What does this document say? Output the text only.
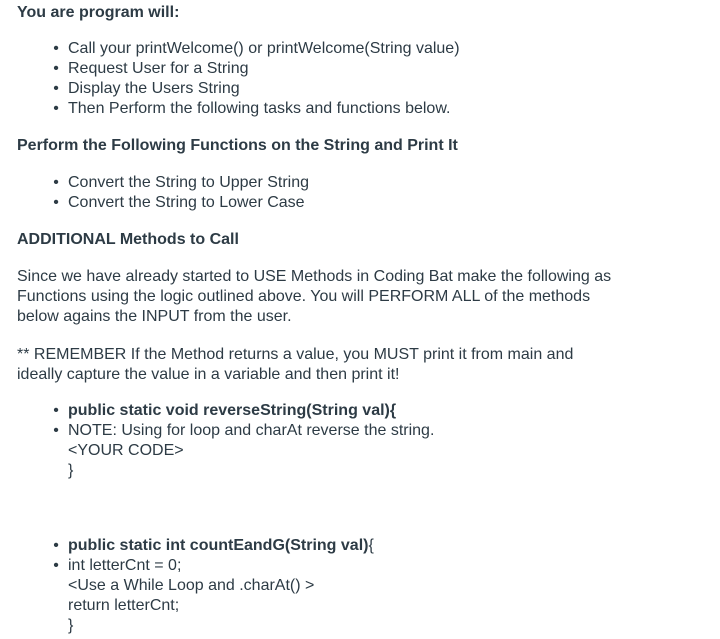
You are program will:
• Call your printWelcome() or printWelcome(String value)
• Request User for a String
• Display the Users String
• Then Perform the following tasks and functions below.
Perform the Following Functions on the String and Print It
• Convert the String to Upper String
• Convert the String to Lower Case
ADDITIONAL Methods to Call
Since we have already started to USE Methods in Coding Bat make the following as
Functions using the logic outlined above. You will PERFORM ALL of the methods
below agains the INPUT from the user.
** REMEMBER If the Method returns a value, you MUST print it from main and
ideally capture the value in a variable and then print it!
• public static void reverseString(String val){
• NOTE: Using for loop and charAt reverse the string.
<YOUR CODE>
}
• public static int countEandG(String val){
• int letterCnt = 0;
<Use a While Loop and .charAt() >
return letterCnt;
}
